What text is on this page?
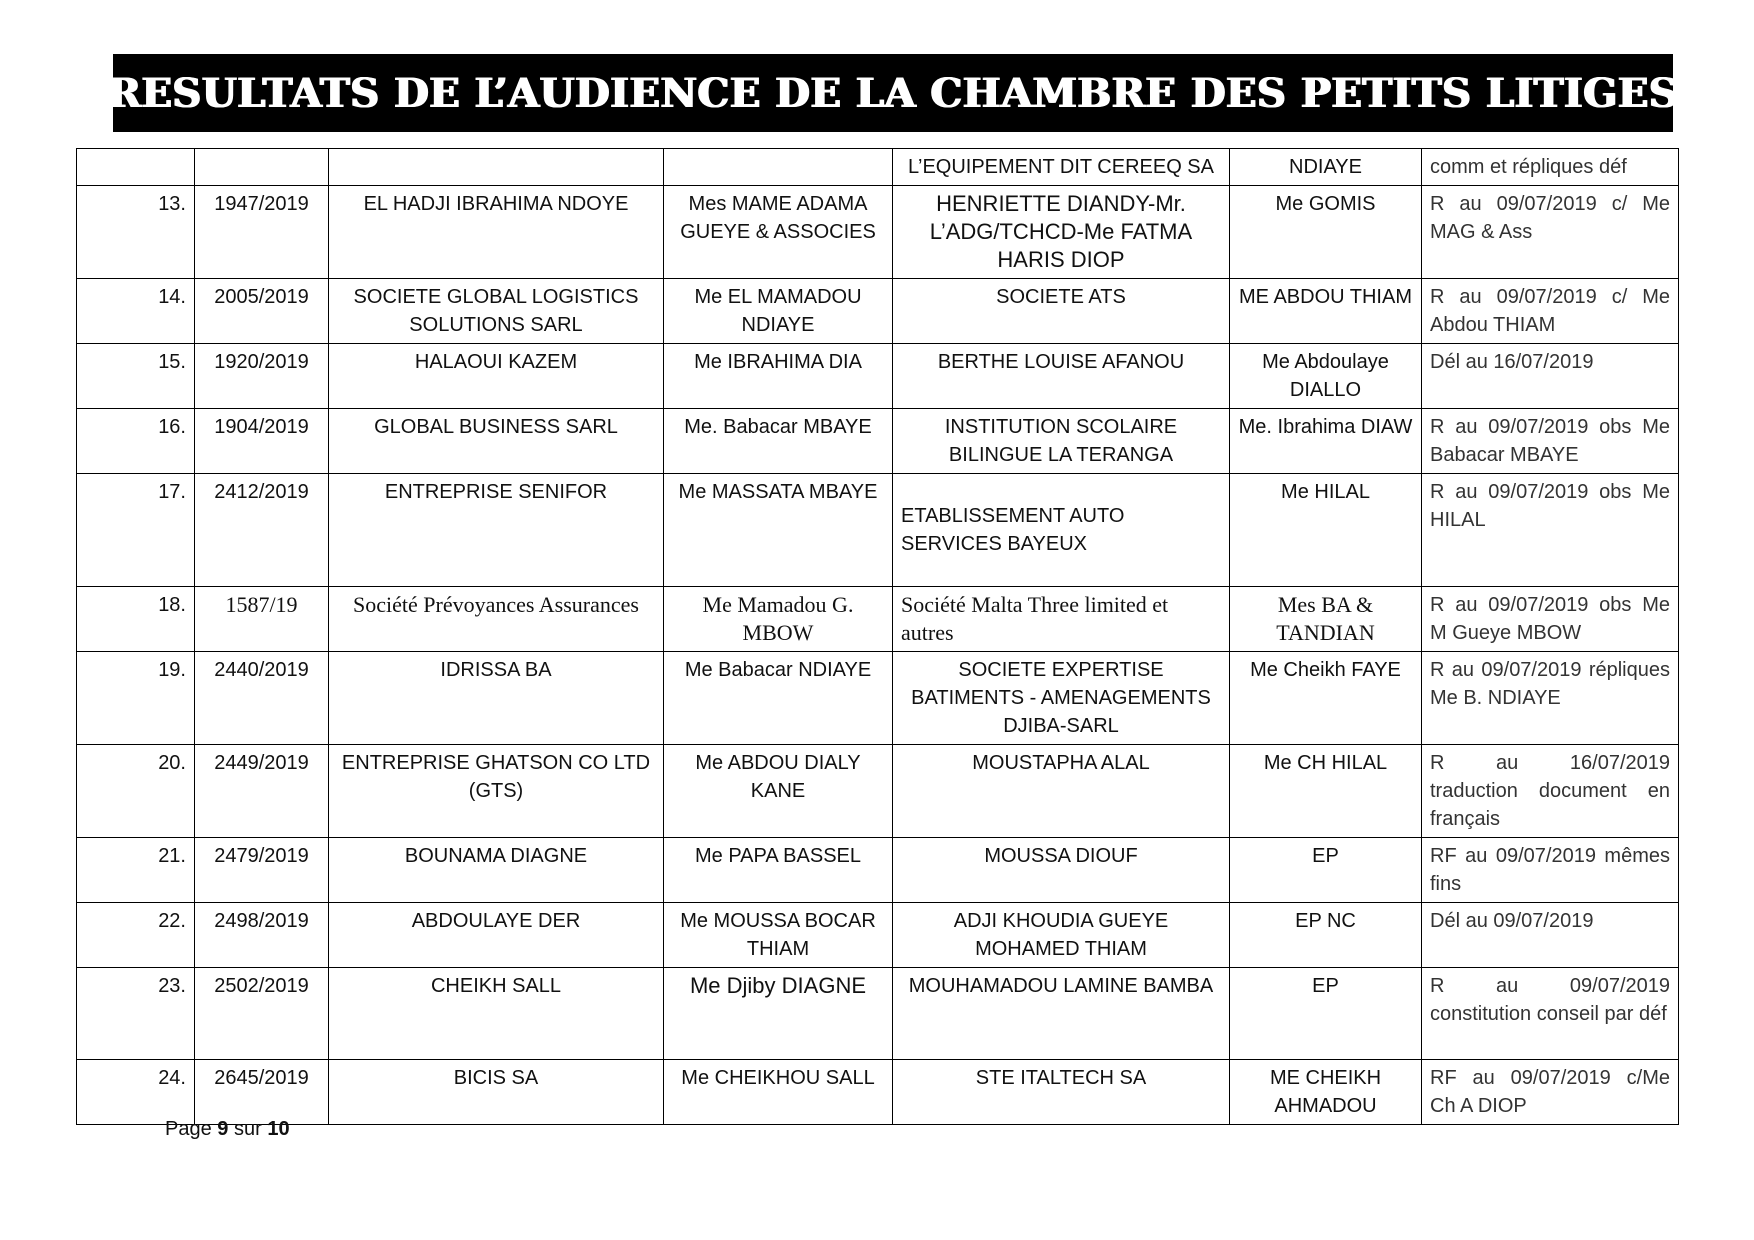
RESULTATS DE L’AUDIENCE DE LA CHAMBRE DES PETITS LITIGES
				L’EQUIPEMENT DIT CEREEQ SA	NDIAYE	comm et répliques déf
13.	1947/2019	EL HADJI IBRAHIMA NDOYE	Mes MAME ADAMA GUEYE & ASSOCIES	HENRIETTE DIANDY-Mr. L’ADG/TCHCD-Me FATMA HARIS DIOP	Me GOMIS	R au 09/07/2019 c/ Me MAG & Ass
14.	2005/2019	SOCIETE GLOBAL LOGISTICS SOLUTIONS SARL	Me EL MAMADOU NDIAYE	SOCIETE ATS	ME ABDOU THIAM	R au 09/07/2019 c/ Me Abdou THIAM
15.	1920/2019	HALAOUI KAZEM	Me IBRAHIMA DIA	BERTHE LOUISE AFANOU	Me Abdoulaye DIALLO	Dél au 16/07/2019
16.	1904/2019	GLOBAL BUSINESS SARL	Me. Babacar MBAYE	INSTITUTION SCOLAIRE BILINGUE LA TERANGA	Me. Ibrahima DIAW	R au 09/07/2019 obs Me Babacar MBAYE
17.	2412/2019	ENTREPRISE SENIFOR	Me MASSATA MBAYE	ETABLISSEMENT AUTO SERVICES BAYEUX	Me HILAL	R au 09/07/2019 obs Me HILAL
18.	1587/19	Société Prévoyances Assurances	Me Mamadou G. MBOW	Société Malta Three limited et autres	Mes BA & TANDIAN	R au 09/07/2019 obs Me M Gueye MBOW
19.	2440/2019	IDRISSA BA	Me Babacar NDIAYE	SOCIETE EXPERTISE BATIMENTS - AMENAGEMENTS DJIBA-SARL	Me Cheikh FAYE	R au 09/07/2019 répliques Me B. NDIAYE
20.	2449/2019	ENTREPRISE GHATSON CO LTD (GTS)	Me ABDOU DIALY KANE	MOUSTAPHA ALAL	Me CH HILAL	R au 16/07/2019 traduction document en français
21.	2479/2019	BOUNAMA DIAGNE	Me PAPA BASSEL	MOUSSA DIOUF	EP	RF au 09/07/2019 mêmes fins
22.	2498/2019	ABDOULAYE DER	Me MOUSSA BOCAR THIAM	ADJI KHOUDIA GUEYE MOHAMED THIAM	EP NC	Dél au 09/07/2019
23.	2502/2019	CHEIKH SALL	Me Djiby DIAGNE	MOUHAMADOU LAMINE BAMBA	EP	R au 09/07/2019 constitution conseil par déf
24.	2645/2019	BICIS SA	Me CHEIKHOU SALL	STE ITALTECH SA	ME CHEIKH AHMADOU	RF au 09/07/2019 c/Me Ch A DIOP
Page 9 sur 10
